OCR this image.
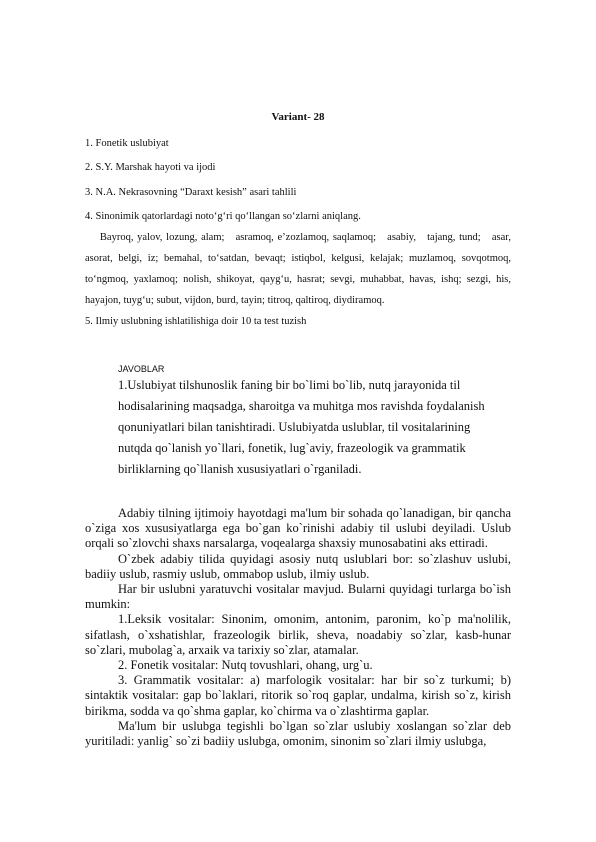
Variant- 28
1. Fonetik uslubiyat
2. S.Y. Marshak hayoti va ijodi
3. N.A. Nekrasovning “Daraxt kesish” asari tahlili
4. Sinonimik qatorlardagi noto‘g‘ri qo‘llangan so‘zlarni aniqlang.

Bayroq, yalov, lozung, alam;   asramoq, e’zozlamoq, saqlamoq;   asabiy,   tajang, tund;   asar,

asorat, belgi, iz; bemahal, to‘satdan, bevaqt; istiqbol, kelgusi, kelajak; muzlamoq, sovqotmoq,

to‘ngmoq, yaxlamoq; nolish, shikoyat, qayg‘u, hasrat; sevgi, muhabbat, havas, ishq; sezgi, his,

hayajon, tuyg‘u; subut, vijdon, burd, tayin; titroq, qaltiroq, diydiramoq.

5. Ilmiy uslubning ishlatilishiga doir 10 ta test tuzish
JAVOBLAR

1.Uslubiyat tilshunoslik faning bir bo`limi bo`lib, nutq jarayonida til

hodisalarining maqsadga, sharoitga va muhitga mos ravishda foydalanish

qonuniyatlari bilan tanishtiradi. Uslubiyatda uslublar, til vositalarining

nutqda qo`lanish yo`llari, fonetik, lug`aviy, frazeologik va grammatik

birliklarning qo`llanish xususiyatlari o`rganiladi.

Adabiy tilning ijtimoiy hayotdagi ma'lum bir sohada qo`lanadigan, bir qancha o`ziga xos xususiyatlarga ega bo`gan ko`rinishi adabiy til uslubi deyiladi. Uslub orqali so`zlovchi shaxs narsalarga, voqealarga shaxsiy munosabatini aks ettiradi.

O`zbek adabiy tilida quyidagi asosiy nutq uslublari bor: so`zlashuv uslubi, badiiy uslub, rasmiy uslub, ommabop uslub, ilmiy uslub.

Har bir uslubni yaratuvchi vositalar mavjud. Bularni quyidagi turlarga bo`ish mumkin:

1.Leksik vositalar: Sinonim, omonim, antonim, paronim, ko`p ma'nolilik, sifatlash, o`xshatishlar, frazeologik birlik, sheva, noadabiy so`zlar, kasb-hunar so`zlari, mubolag`a, arxaik va tarixiy so`zlar, atamalar.

2. Fonetik vositalar: Nutq tovushlari, ohang, urg`u.

3. Grammatik vositalar: a) marfologik vositalar: har bir so`z turkumi; b) sintaktik vositalar: gap bo`laklari, ritorik so`roq gaplar, undalma, kirish so`z, kirish birikma, sodda va qo`shma gaplar, ko`chirma va o`zlashtirma gaplar.

Ma'lum bir uslubga tegishli bo`lgan so`zlar uslubiy xoslangan so`zlar deb yuritiladi: yanlig` so`zi badiiy uslubga, omonim, sinonim so`zlari ilmiy uslubga,
